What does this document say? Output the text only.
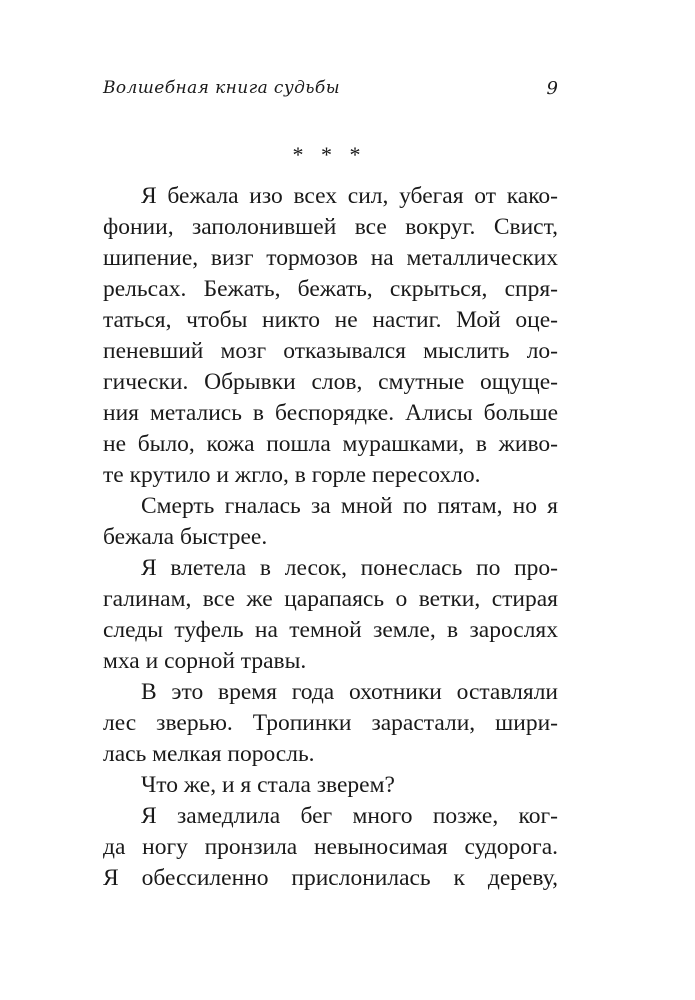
Волшебная книга судьбы	9
* * *
Я бежала изо всех сил, убегая от како-
фонии, заполонившей все вокруг. Свист,
шипение, визг тормозов на металлических
рельсах. Бежать, бежать, скрыться, спря-
таться, чтобы никто не настиг. Мой оце-
пеневший мозг отказывался мыслить ло-
гически. Обрывки слов, смутные ощуще-
ния метались в беспорядке. Алисы больше
не было, кожа пошла мурашками, в живо-
те крутило и жгло, в горле пересохло.
Смерть гналась за мной по пятам, но я
бежала быстрее.
Я влетела в лесок, понеслась по про-
галинам, все же царапаясь о ветки, стирая
следы туфель на темной земле, в зарослях
мха и сорной травы.
В это время года охотники оставляли
лес зверью. Тропинки зарастали, шири-
лась мелкая поросль.
Что же, и я стала зверем?
Я замедлила бег много позже, ког-
да ногу пронзила невыносимая судорога.
Я обессиленно прислонилась к дереву,
